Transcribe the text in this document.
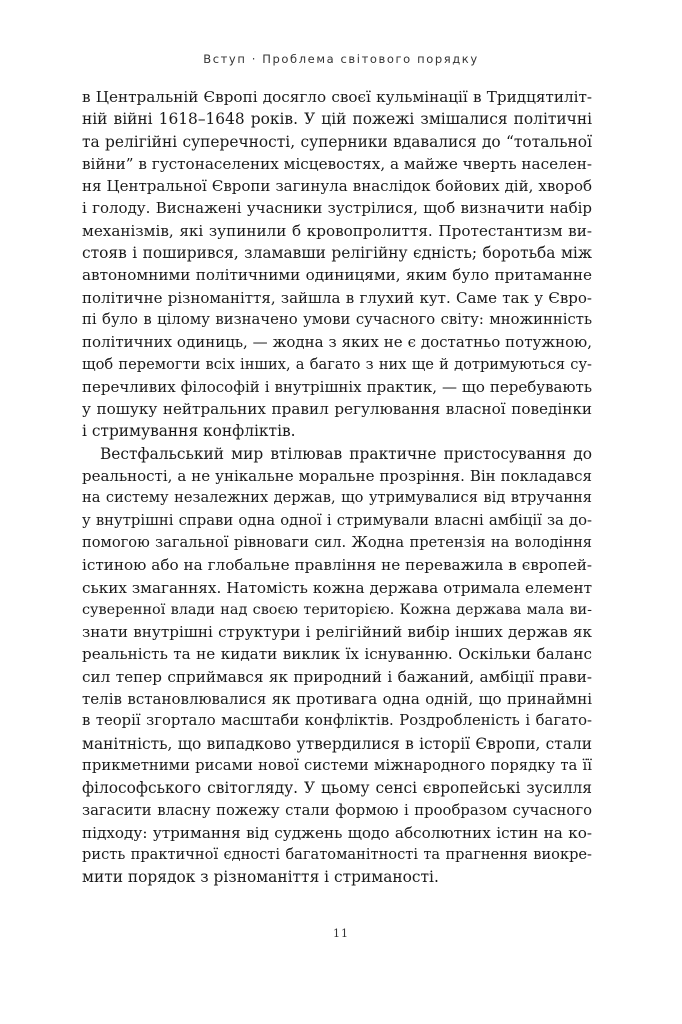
Вступ · Проблема світового порядку
в Центральній Європі досягло своєї кульмінації в Тридцятиліт-
ній війні 1618–1648 років. У цій пожежі змішалися політичні
та релігійні суперечності, суперники вдавалися до “тотальної
війни” в густонаселених місцевостях, а майже чверть населен-
ня Центральної Європи загинула внаслідок бойових дій, хвороб
і голоду. Виснажені учасники зустрілися, щоб визначити набір
механізмів, які зупинили б кровопролиття. Протестантизм ви-
стояв і поширився, зламавши релігійну єдність; боротьба між
автономними політичними одиницями, яким було притаманне
політичне різноманіття, зайшла в глухий кут. Саме так у Євро-
пі було в цілому визначено умови сучасного світу: множинність
політичних одиниць, — жодна з яких не є достатньо потужною,
щоб перемогти всіх інших, а багато з них ще й дотримуються су-
перечливих філософій і внутрішніх практик, — що перебувають
у пошуку нейтральних правил регулювання власної поведінки
і стримування конфліктів.
Вестфальський мир втілював практичне пристосування до
реальності, а не унікальне моральне прозріння. Він покладався
на систему незалежних держав, що утримувалися від втручання
у внутрішні справи одна одної і стримували власні амбіції за до-
помогою загальної рівноваги сил. Жодна претензія на володіння
істиною або на глобальне правління не переважила в європей-
ських змаганнях. Натомість кожна держава отримала елемент
суверенної влади над своєю територією. Кожна держава мала ви-
знати внутрішні структури і релігійний вибір інших держав як
реальність та не кидати виклик їх існуванню. Оскільки баланс
сил тепер сприймався як природний і бажаний, амбіції прави-
телів встановлювалися як противага одна одній, що принаймні
в теорії згортало масштаби конфліктів. Роздробленість і багато-
манітність, що випадково утвердилися в історії Європи, стали
прикметними рисами нової системи міжнародного порядку та її
філософського світогляду. У цьому сенсі європейські зусилля
загасити власну пожежу стали формою і прообразом сучасного
підходу: утримання від суджень щодо абсолютних істин на ко-
ристь практичної єдності багатоманітності та прагнення виокре-
мити порядок з різноманіття і стриманості.
11
